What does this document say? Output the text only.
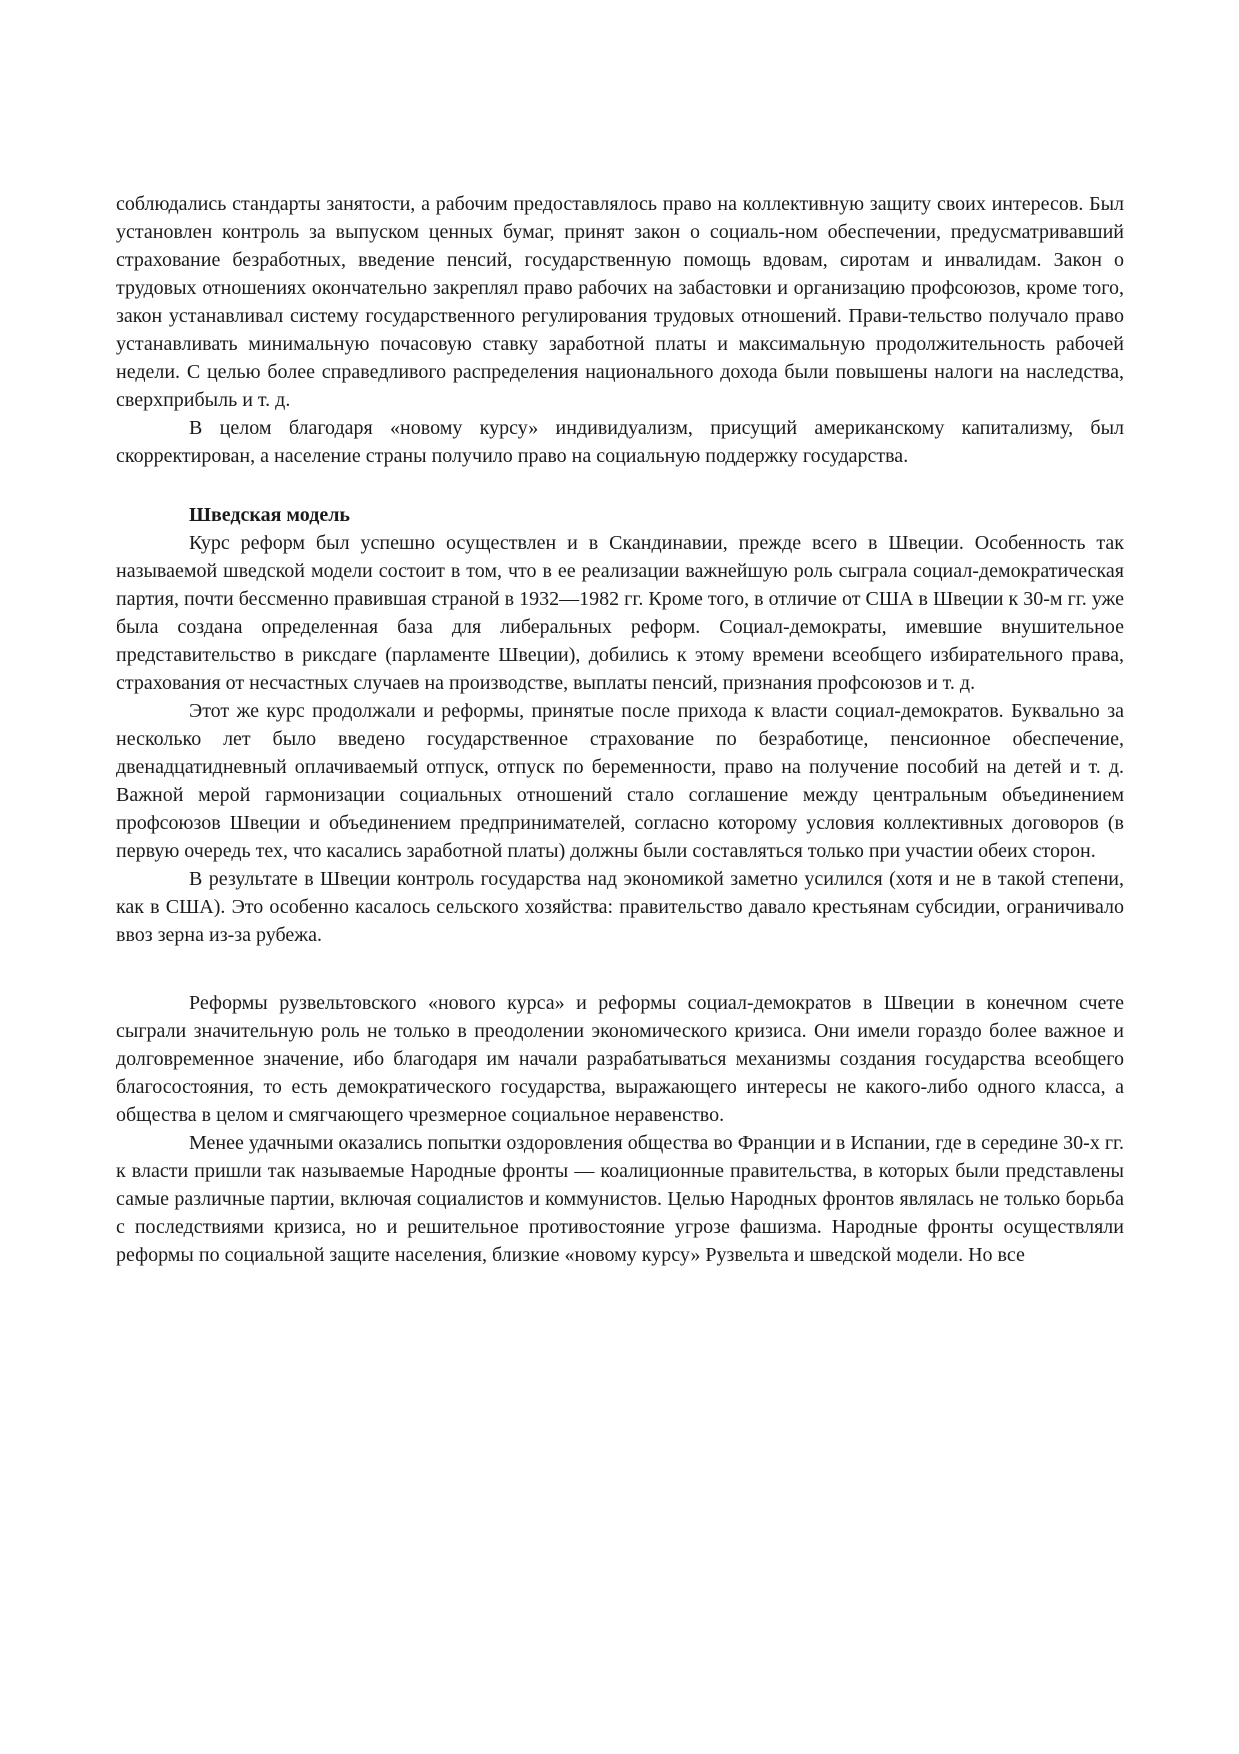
соблюдались стандарты занятости, а рабочим предоставлялось право на коллективную защиту своих интересов. Был установлен контроль за выпуском ценных бумаг, принят закон о социаль-ном обеспечении, предусматривавший страхование безработных, введение пенсий, государственную помощь вдовам, сиротам и инвалидам. Закон о трудовых отношениях окончательно закреплял право рабочих на забастовки и организацию профсоюзов, кроме того, закон устанавливал систему государственного регулирования трудовых отношений. Прави-тельство получало право устанавливать минимальную почасовую ставку заработной платы и максимальную продолжительность рабочей недели. С целью более справедливого распределения национального дохода были повышены налоги на наследства, сверхприбыль и т. д.

В целом благодаря «новому курсу» индивидуализм, присущий американскому капитализму, был скорректирован, а население страны получило право на социальную поддержку государства.

Шведская модель

Курс реформ был успешно осуществлен и в Скандинавии, прежде всего в Швеции. Особенность так называемой шведской модели состоит в том, что в ее реализации важнейшую роль сыграла социал-демократическая партия, почти бессменно правившая страной в 1932—1982 гг. Кроме того, в отличие от США в Швеции к 30-м гг. уже была создана определенная база для либеральных реформ. Социал-демократы, имевшие внушительное представительство в риксдаге (парламенте Швеции), добились к этому времени всеобщего избирательного права, страхования от несчастных случаев на производстве, выплаты пенсий, признания профсоюзов и т. д.

Этот же курс продолжали и реформы, принятые после прихода к власти социал-демократов. Буквально за несколько лет было введено государственное страхование по безработице, пенсионное обеспечение, двенадцатидневный оплачиваемый отпуск, отпуск по беременности, право на получение пособий на детей и т. д. Важной мерой гармонизации социальных отношений стало соглашение между центральным объединением профсоюзов Швеции и объединением предпринимателей, согласно которому условия коллективных договоров (в первую очередь тех, что касались заработной платы) должны были составляться только при участии обеих сторон.

В результате в Швеции контроль государства над экономикой заметно усилился (хотя и не в такой степени, как в США). Это особенно касалось сельского хозяйства: правительство давало крестьянам субсидии, ограничивало ввоз зерна из-за рубежа.

Реформы рузвельтовского «нового курса» и реформы социал-демократов в Швеции в конечном счете сыграли значительную роль не только в преодолении экономического кризиса. Они имели гораздо более важное и долговременное значение, ибо благодаря им начали разрабатываться механизмы создания государства всеобщего благосостояния, то есть демократического государства, выражающего интересы не какого-либо одного класса, а общества в целом и смягчающего чрезмерное социальное неравенство.

Менее удачными оказались попытки оздоровления общества во Франции и в Испании, где в середине 30-х гг. к власти пришли так называемые Народные фронты — коалиционные правительства, в которых были представлены самые различные партии, включая социалистов и коммунистов. Целью Народных фронтов являлась не только борьба с последствиями кризиса, но и решительное противостояние угрозе фашизма. Народные фронты осуществляли реформы по социальной защите населения, близкие «новому курсу» Рузвельта и шведской модели. Но все
